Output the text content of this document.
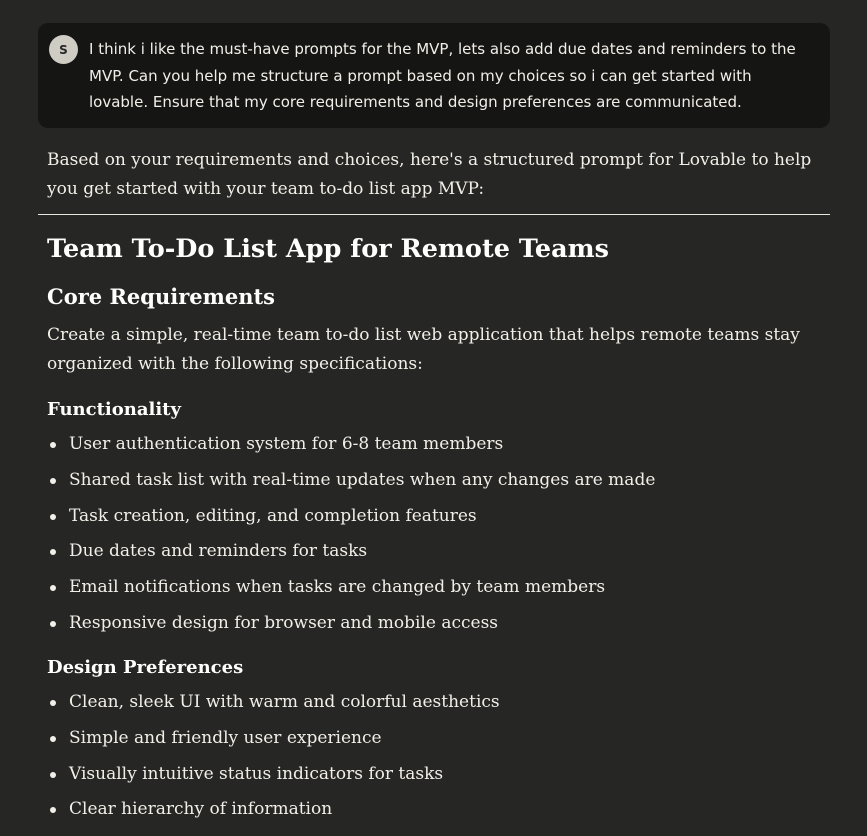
S	I think i like the must-have prompts for the MVP, lets also add due dates and reminders to the MVP. Can you help me structure a prompt based on my choices so i can get started with lovable. Ensure that my core requirements and design preferences are communicated.

Based on your requirements and choices, here's a structured prompt for Lovable to help you get started with your team to-do list app MVP:

Team To-Do List App for Remote Teams
Core Requirements

Create a simple, real-time team to-do list web application that helps remote teams stay organized with the following specifications:

Functionality
User authentication system for 6-8 team members
Shared task list with real-time updates when any changes are made
Task creation, editing, and completion features
Due dates and reminders for tasks
Email notifications when tasks are changed by team members
Responsive design for browser and mobile access
Design Preferences
Clean, sleek UI with warm and colorful aesthetics
Simple and friendly user experience
Visually intuitive status indicators for tasks
Clear hierarchy of information
